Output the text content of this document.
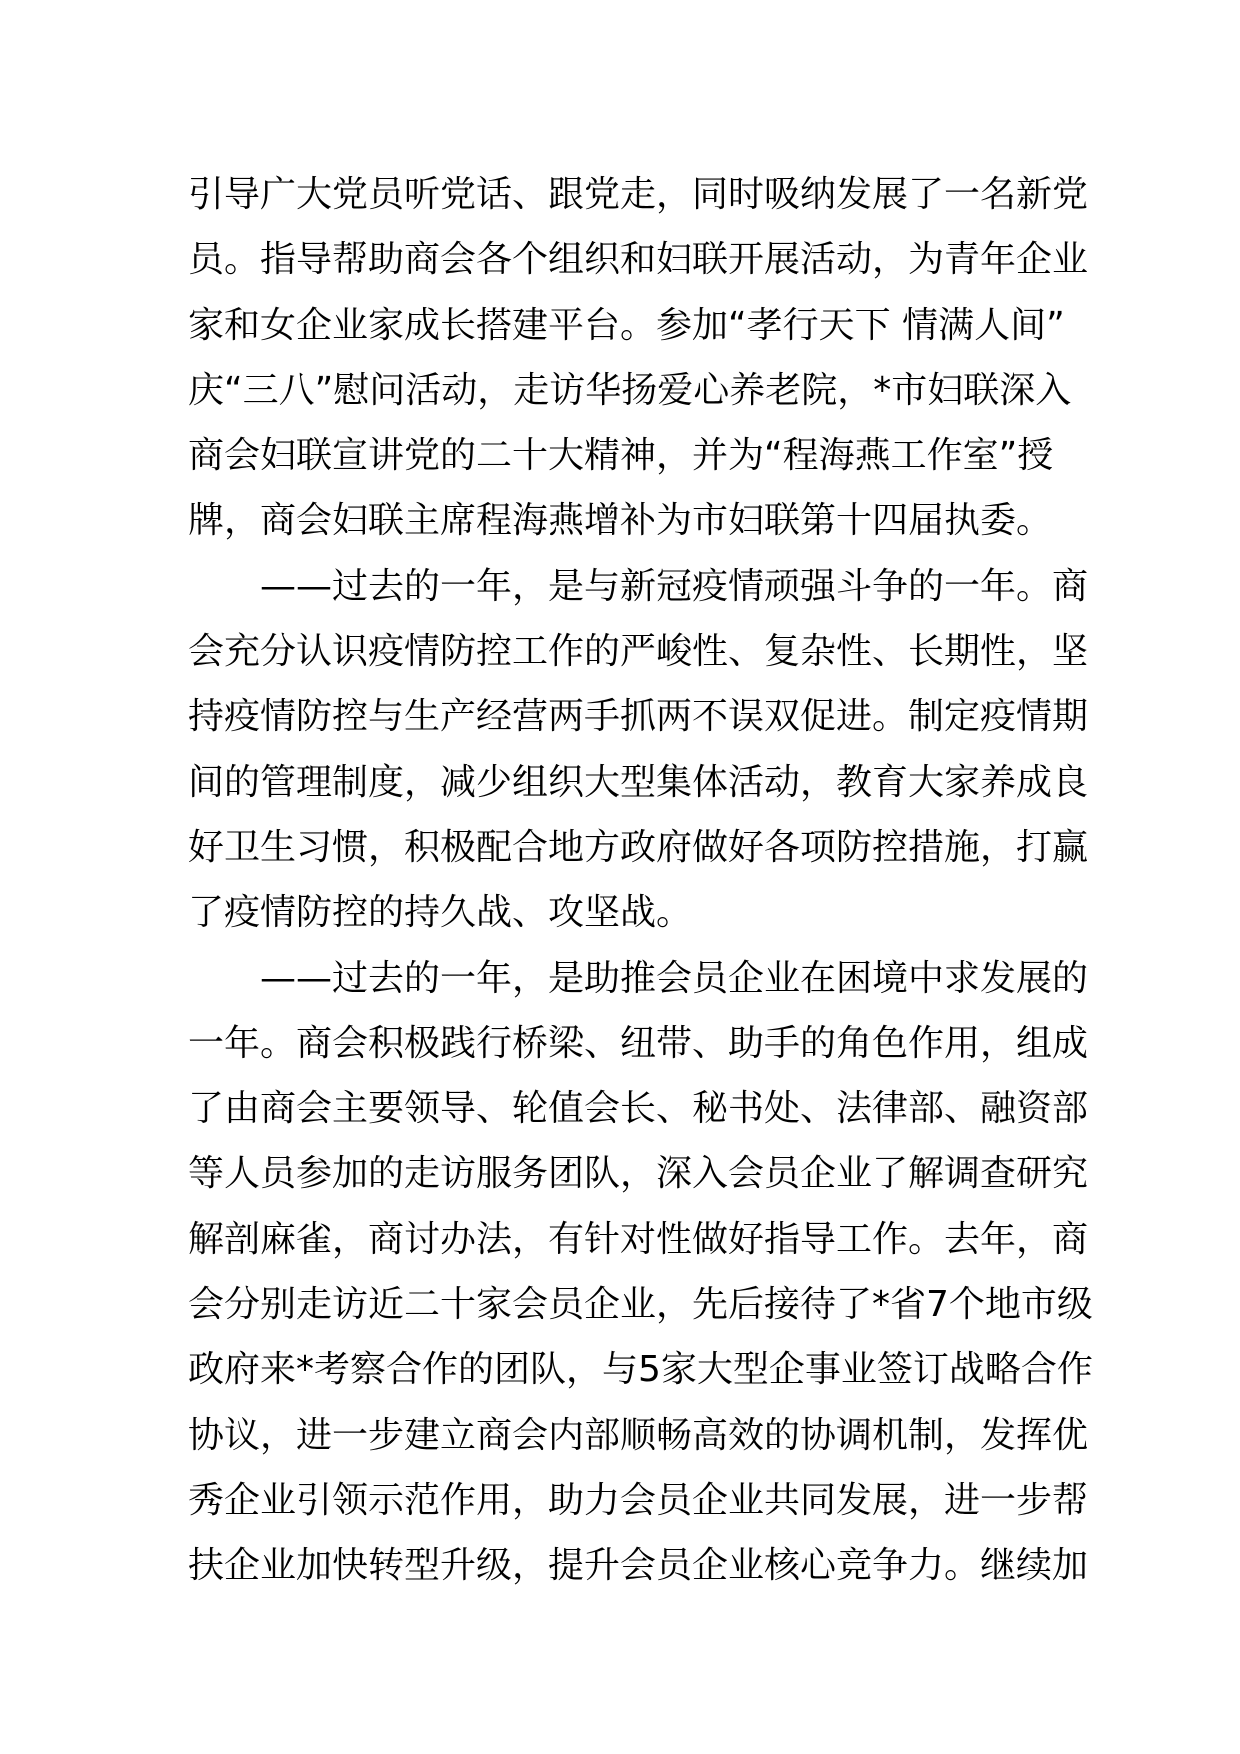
引导广大党员听党话、跟党走，同时吸纳发展了一名新党
员。指导帮助商会各个组织和妇联开展活动，为青年企业
家和女企业家成长搭建平台。参加“孝行天下 情满人间”
庆“三八”慰问活动，走访华扬爱心养老院，*市妇联深入
商会妇联宣讲党的二十大精神，并为“程海燕工作室”授
牌，商会妇联主席程海燕增补为市妇联第十四届执委。
——过去的一年，是与新冠疫情顽强斗争的一年。商
会充分认识疫情防控工作的严峻性、复杂性、长期性，坚
持疫情防控与生产经营两手抓两不误双促进。制定疫情期
间的管理制度，减少组织大型集体活动，教育大家养成良
好卫生习惯，积极配合地方政府做好各项防控措施，打赢
了疫情防控的持久战、攻坚战。
——过去的一年，是助推会员企业在困境中求发展的
一年。商会积极践行桥梁、纽带、助手的角色作用，组成
了由商会主要领导、轮值会长、秘书处、法律部、融资部
等人员参加的走访服务团队，深入会员企业了解调查研究
解剖麻雀，商讨办法，有针对性做好指导工作。去年，商
会分别走访近二十家会员企业，先后接待了*省7个地市级
政府来*考察合作的团队，与5家大型企事业签订战略合作
协议，进一步建立商会内部顺畅高效的协调机制，发挥优
秀企业引领示范作用，助力会员企业共同发展，进一步帮
扶企业加快转型升级，提升会员企业核心竞争力。继续加
